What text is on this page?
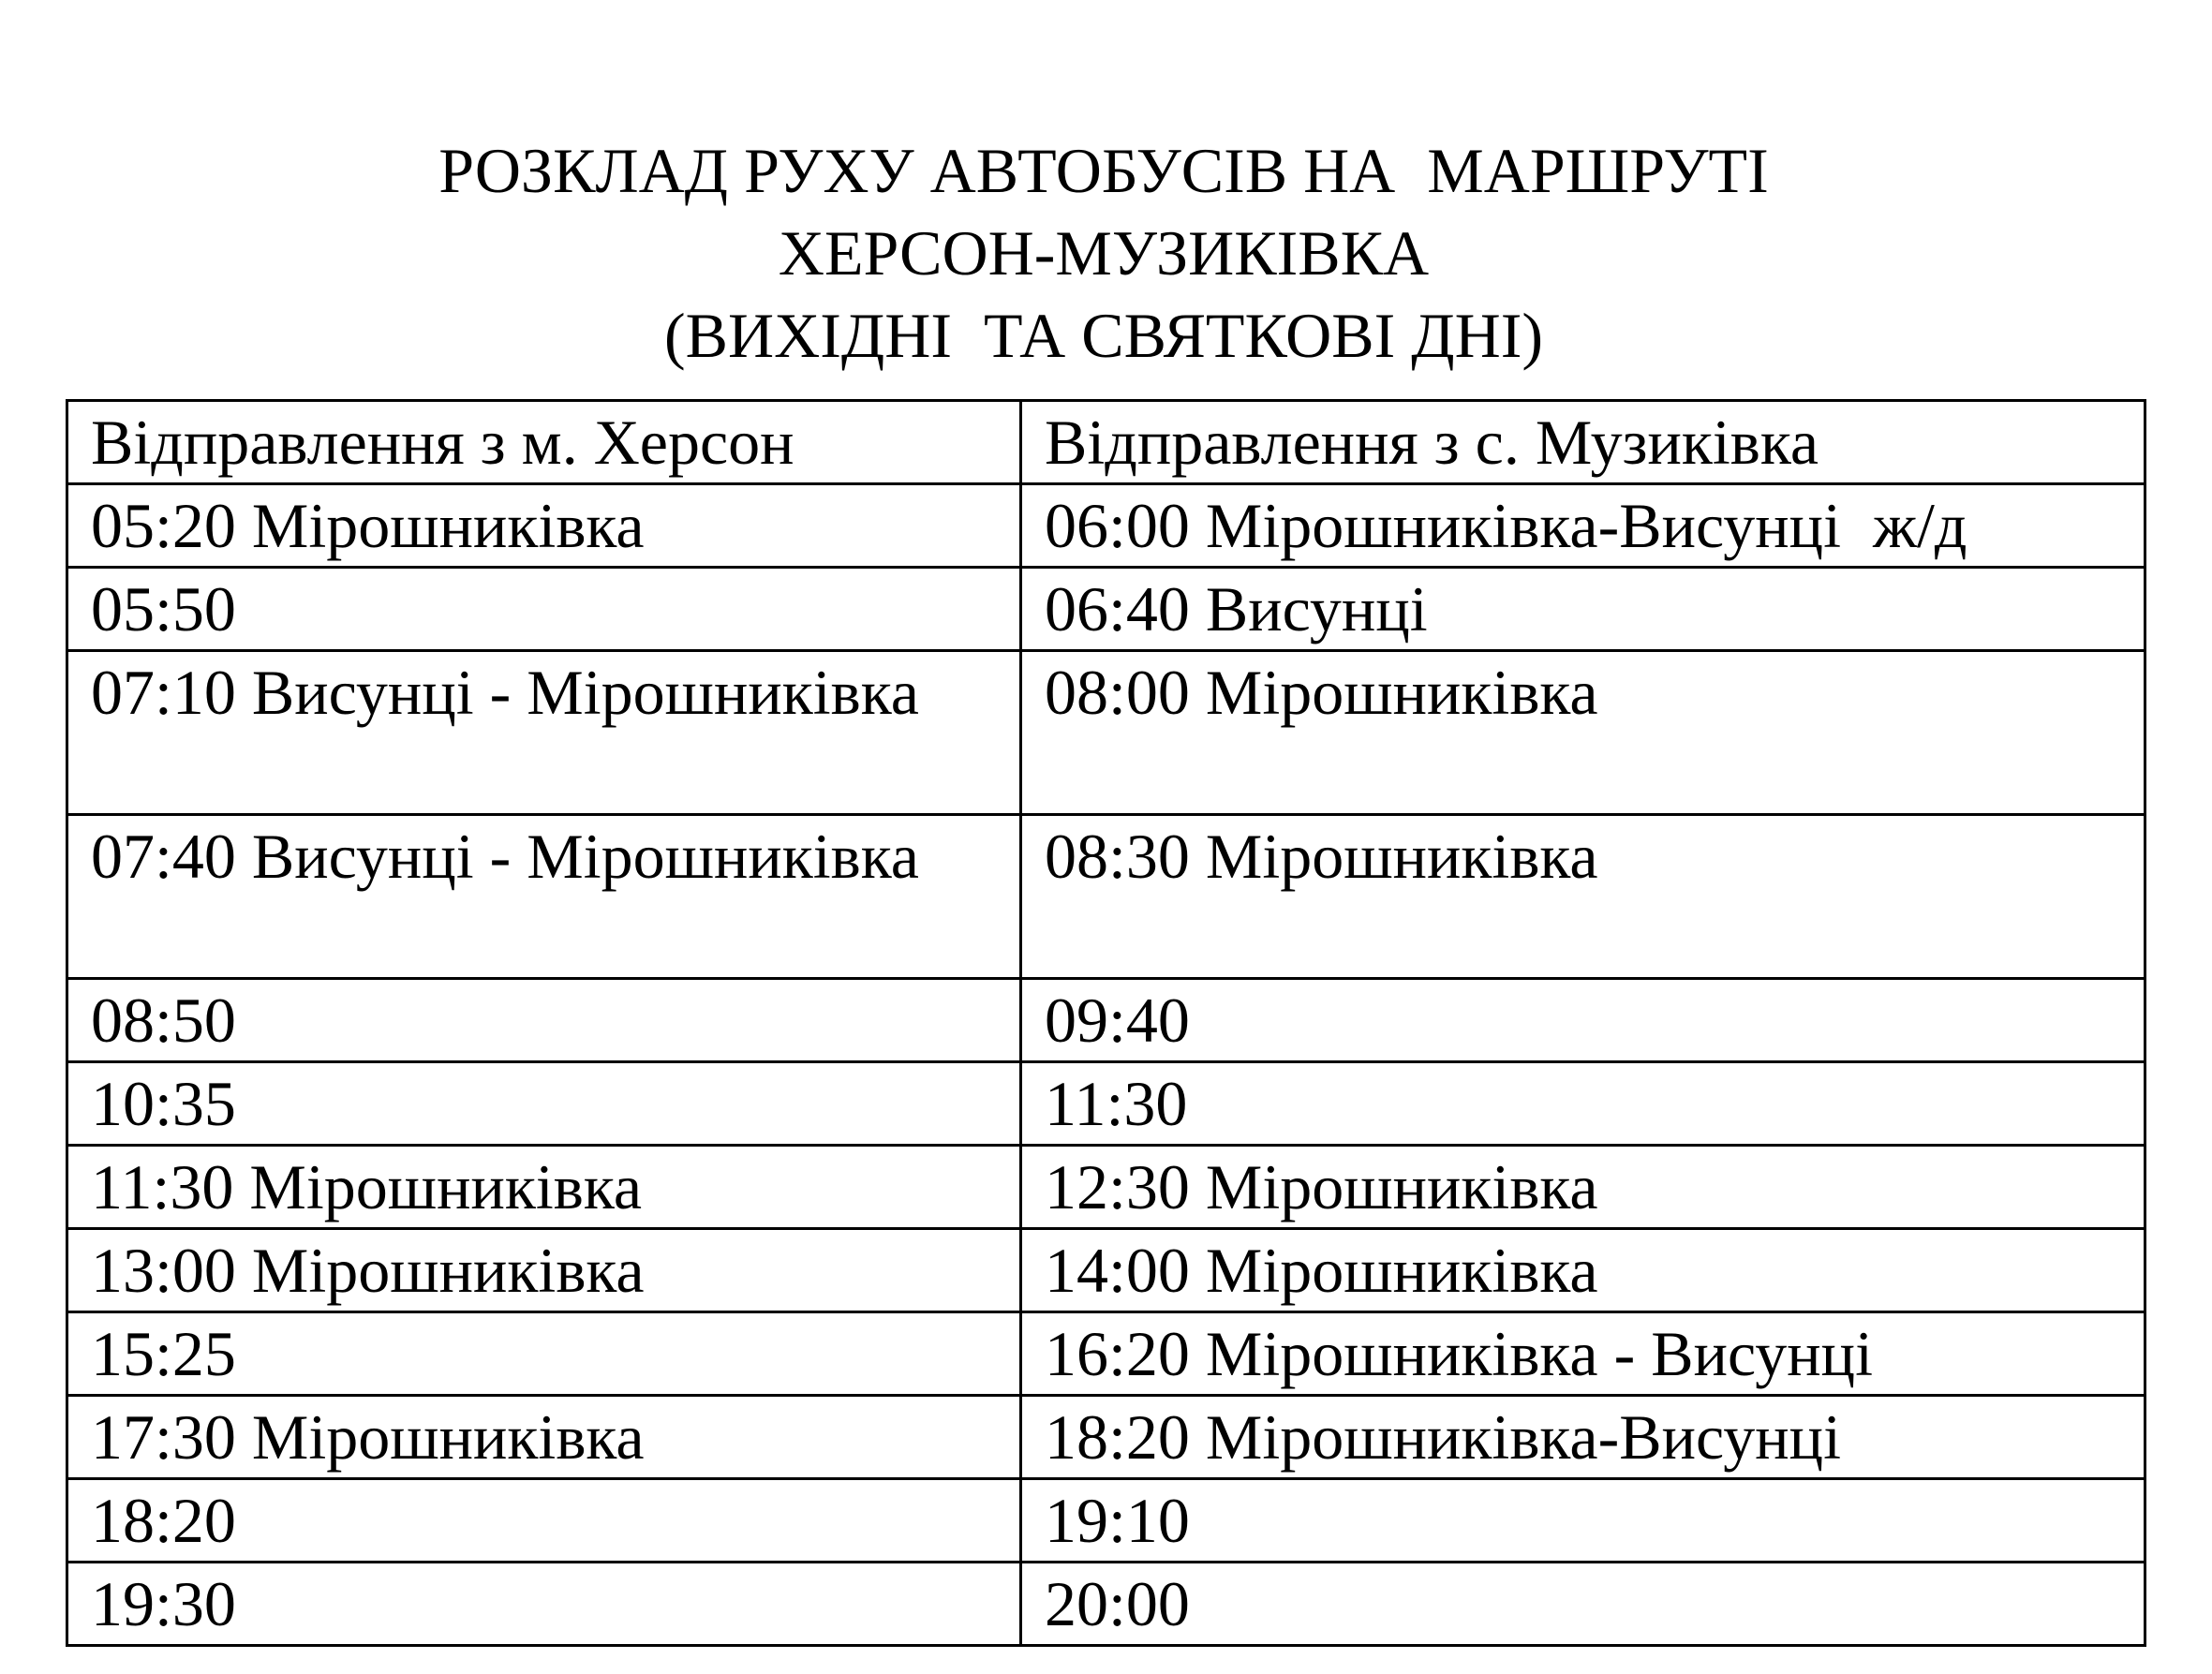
РОЗКЛАД РУХУ АВТОБУСІВ НА  МАРШРУТІ
ХЕРСОН-МУЗИКІВКА
(ВИХІДНІ  ТА СВЯТКОВІ ДНІ)
Відправлення з м. Херсон	Відправлення з с. Музиківка
05:20 Мірошниківка	06:00 Мірошниківка-Висунці  ж/д
05:50	06:40 Висунці
07:10 Висунці - Мірошниківка	08:00 Мірошниківка
07:40 Висунці - Мірошниківка	08:30 Мірошниківка
08:50	09:40
10:35	11:30
11:30 Мірошниківка	12:30 Мірошниківка
13:00 Мірошниківка	14:00 Мірошниківка
15:25	16:20 Мірошниківка - Висунці
17:30 Мірошниківка	18:20 Мірошниківка-Висунці
18:20	19:10
19:30	20:00
